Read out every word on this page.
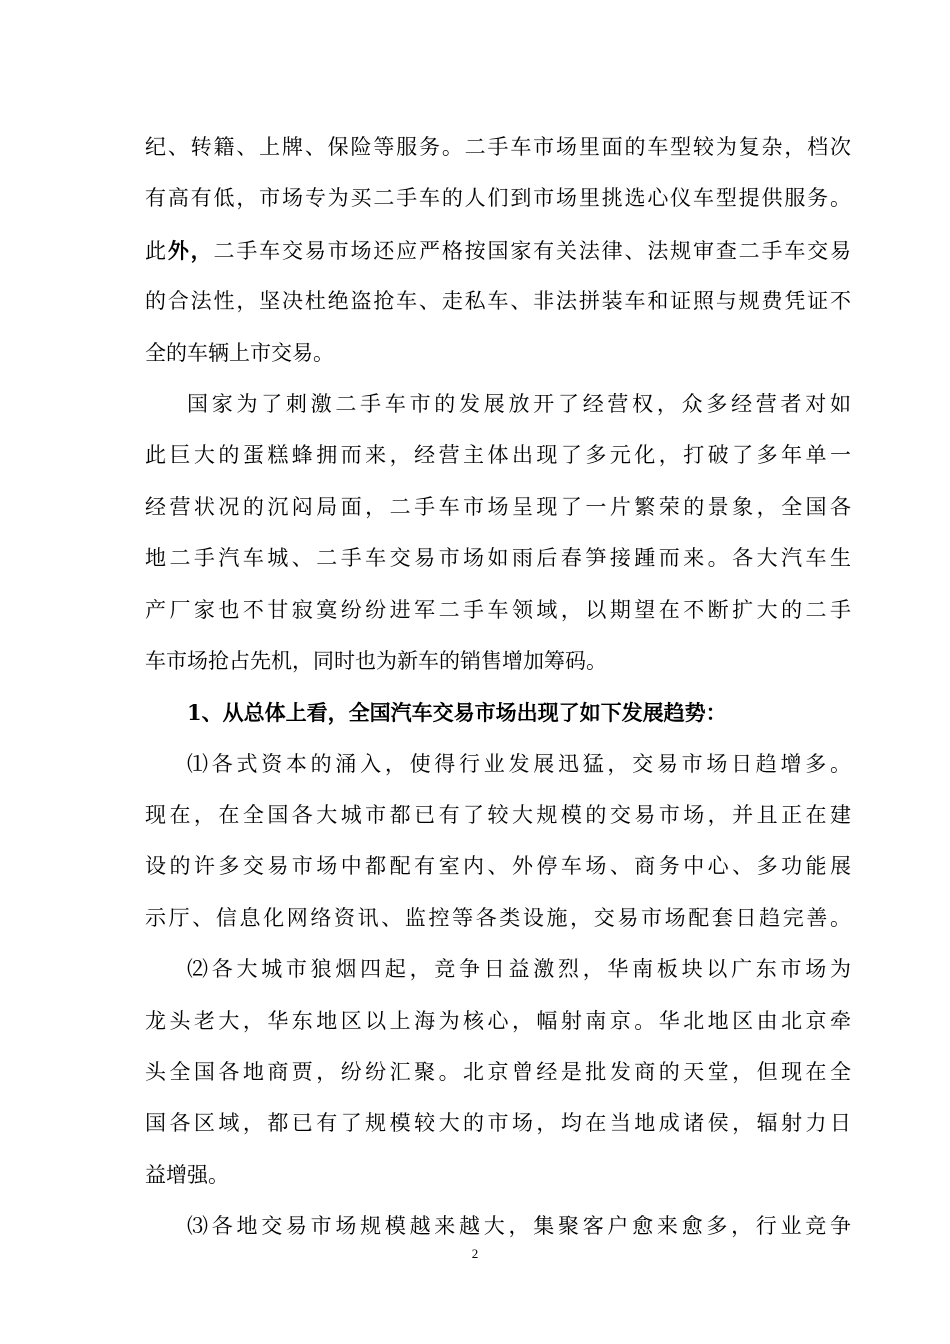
纪、转籍、上牌、保险等服务。二手车市场里面的车型较为复杂，档次
有高有低，市场专为买二手车的人们到市场里挑选心仪车型提供服务。
此外，二手车交易市场还应严格按国家有关法律、法规审查二手车交易
的合法性，坚决杜绝盗抢车、走私车、非法拼装车和证照与规费凭证不
全的车辆上市交易。
国家为了刺激二手车市的发展放开了经营权，众多经营者对如
此巨大的蛋糕蜂拥而来，经营主体出现了多元化，打破了多年单一
经营状况的沉闷局面，二手车市场呈现了一片繁荣的景象，全国各
地二手汽车城、二手车交易市场如雨后春笋接踵而来。各大汽车生
产厂家也不甘寂寞纷纷进军二手车领域，以期望在不断扩大的二手
车市场抢占先机，同时也为新车的销售增加筹码。
1、从总体上看，全国汽车交易市场出现了如下发展趋势：
⑴各式资本的涌入，使得行业发展迅猛，交易市场日趋增多。
现在，在全国各大城市都已有了较大规模的交易市场，并且正在建
设的许多交易市场中都配有室内、外停车场、商务中心、多功能展
示厅、信息化网络资讯、监控等各类设施，交易市场配套日趋完善。
⑵各大城市狼烟四起，竞争日益激烈，华南板块以广东市场为
龙头老大，华东地区以上海为核心，幅射南京。华北地区由北京牵
头全国各地商贾，纷纷汇聚。北京曾经是批发商的天堂，但现在全
国各区域，都已有了规模较大的市场，均在当地成诸侯，辐射力日
益增强。
⑶各地交易市场规模越来越大，集聚客户愈来愈多，行业竞争
2
